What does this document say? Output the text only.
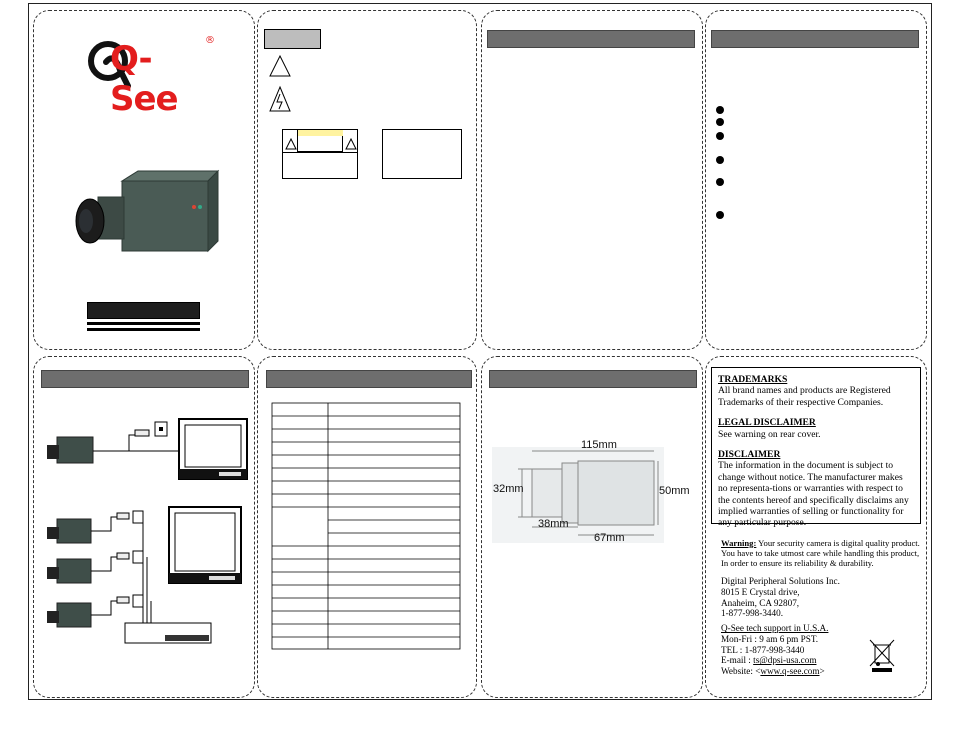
Q-See
®
115mm
32mm	50mm
38mm
67mm
TRADEMARKS
All brand names and products are Registered Trademarks of their respective Companies.
LEGAL DISCLAIMER
See warning on rear cover.
DISCLAIMER
The information in the document is subject to change without notice. The manufacturer makes no representa-tions or warranties with respect to the contents hereof and specifically disclaims any implied warranties of selling or functionality for any particular purpose.
Warning: Your security camera is digital quality product.
You have to take utmost care while handling this product,
In order to ensure its reliability & durability.
Digital Peripheral Solutions Inc.
8015 E Crystal drive,
Anaheim, CA 92807,
1-877-998-3440.
Q-See tech support in U.S.A.
Mon-Fri : 9 am 6 pm PST.
TEL : 1-877-998-3440
E-mail : ts@dpsi-usa.com
Website: <www.q-see.com>
